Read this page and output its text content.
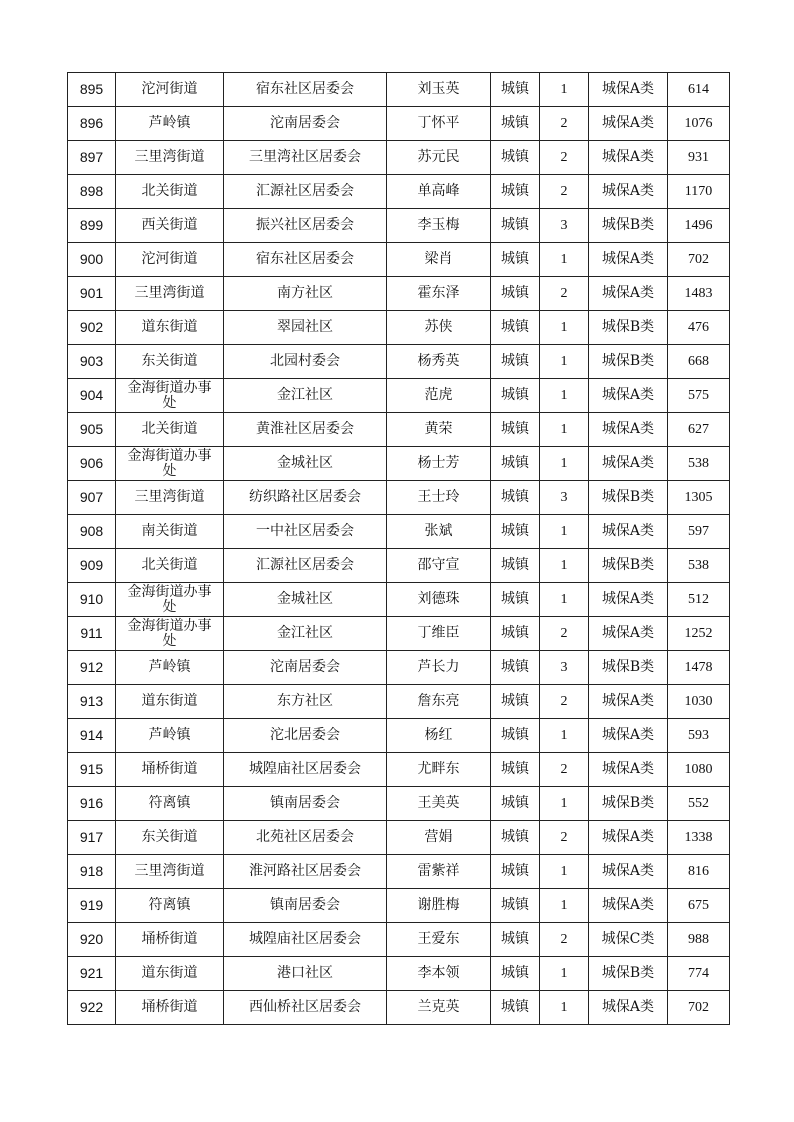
895	沱河街道	宿东社区居委会	刘玉英	城镇	1	城保A类	614
896	芦岭镇	沱南居委会	丁怀平	城镇	2	城保A类	1076
897	三里湾街道	三里湾社区居委会	苏元民	城镇	2	城保A类	931
898	北关街道	汇源社区居委会	单高峰	城镇	2	城保A类	1170
899	西关街道	振兴社区居委会	李玉梅	城镇	3	城保B类	1496
900	沱河街道	宿东社区居委会	梁肖	城镇	1	城保A类	702
901	三里湾街道	南方社区	霍东泽	城镇	2	城保A类	1483
902	道东街道	翠园社区	苏侠	城镇	1	城保B类	476
903	东关街道	北园村委会	杨秀英	城镇	1	城保B类	668
904	金海街道办事处	金江社区	范虎	城镇	1	城保A类	575
905	北关街道	黄淮社区居委会	黄荣	城镇	1	城保A类	627
906	金海街道办事处	金城社区	杨士芳	城镇	1	城保A类	538
907	三里湾街道	纺织路社区居委会	王士玲	城镇	3	城保B类	1305
908	南关街道	一中社区居委会	张斌	城镇	1	城保A类	597
909	北关街道	汇源社区居委会	邵守宣	城镇	1	城保B类	538
910	金海街道办事处	金城社区	刘德珠	城镇	1	城保A类	512
911	金海街道办事处	金江社区	丁维臣	城镇	2	城保A类	1252
912	芦岭镇	沱南居委会	芦长力	城镇	3	城保B类	1478
913	道东街道	东方社区	詹东亮	城镇	2	城保A类	1030
914	芦岭镇	沱北居委会	杨红	城镇	1	城保A类	593
915	埇桥街道	城隍庙社区居委会	尤畔东	城镇	2	城保A类	1080
916	符离镇	镇南居委会	王美英	城镇	1	城保B类	552
917	东关街道	北苑社区居委会	营娟	城镇	2	城保A类	1338
918	三里湾街道	淮河路社区居委会	雷紫祥	城镇	1	城保A类	816
919	符离镇	镇南居委会	谢胜梅	城镇	1	城保A类	675
920	埇桥街道	城隍庙社区居委会	王爱东	城镇	2	城保C类	988
921	道东街道	港口社区	李本领	城镇	1	城保B类	774
922	埇桥街道	西仙桥社区居委会	兰克英	城镇	1	城保A类	702
